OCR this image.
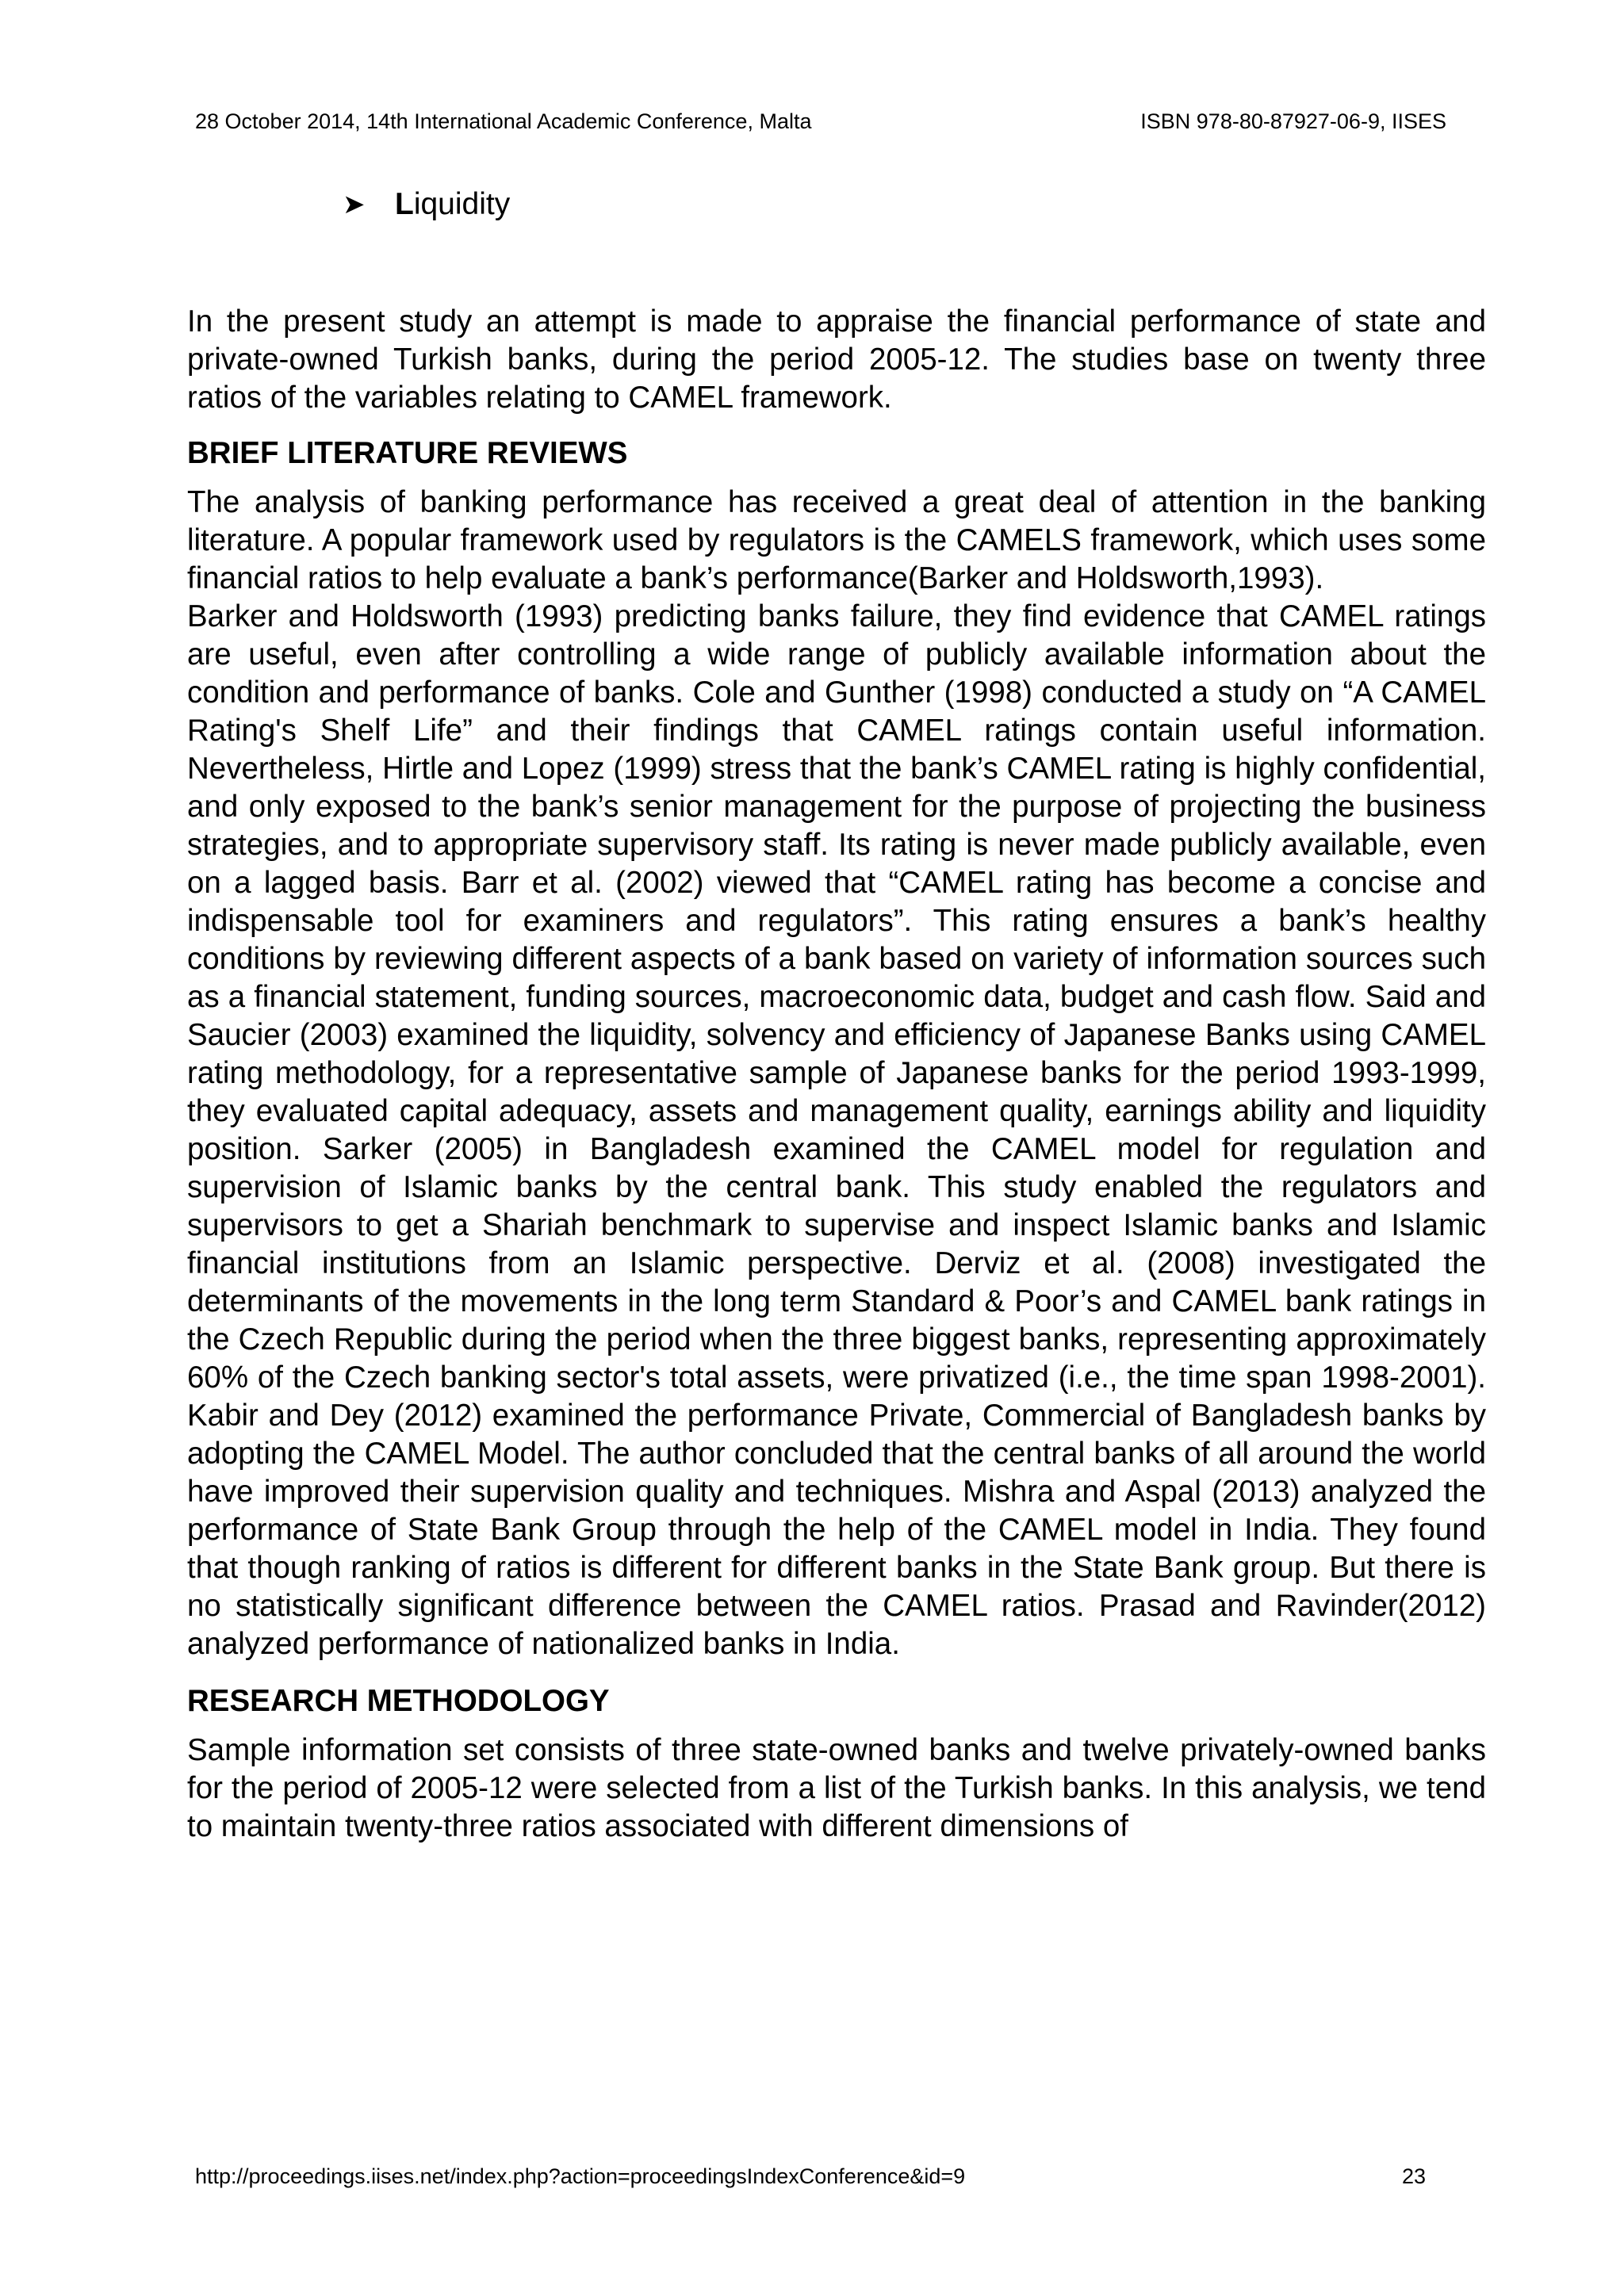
28 October 2014, 14th International Academic Conference, Malta	ISBN 978-80-87927-06-9, IISES
➤ Liquidity

In the present study an attempt is made to appraise the financial performance of state and private-owned Turkish banks, during the period 2005-12. The studies base on twenty three ratios of the variables relating to CAMEL framework.

BRIEF LITERATURE REVIEWS

The analysis of banking performance has received a great deal of attention in the banking literature. A popular framework used by regulators is the CAMELS framework, which uses some financial ratios to help evaluate a bank’s performance(Barker and Holdsworth,1993).

Barker and Holdsworth (1993) predicting banks failure, they find evidence that CAMEL ratings are useful, even after controlling a wide range of publicly available information about the condition and performance of banks. Cole and Gunther (1998) conducted a study on “A CAMEL Rating's Shelf Life” and their findings that CAMEL ratings contain useful information. Nevertheless, Hirtle and Lopez (1999) stress that the bank’s CAMEL rating is highly confidential, and only exposed to the bank’s senior management for the purpose of projecting the business strategies, and to appropriate supervisory staff. Its rating is never made publicly available, even on a lagged basis. Barr et al. (2002) viewed that “CAMEL rating has become a concise and indispensable tool for examiners and regulators”. This rating ensures a bank’s healthy conditions by reviewing different aspects of a bank based on variety of information sources such as a financial statement, funding sources, macroeconomic data, budget and cash flow. Said and Saucier (2003) examined the liquidity, solvency and efficiency of Japanese Banks using CAMEL rating methodology, for a representative sample of Japanese banks for the period 1993-1999, they evaluated capital adequacy, assets and management quality, earnings ability and liquidity position. Sarker (2005) in Bangladesh examined the CAMEL model for regulation and supervision of Islamic banks by the central bank. This study enabled the regulators and supervisors to get a Shariah benchmark to supervise and inspect Islamic banks and Islamic financial institutions from an Islamic perspective. Derviz et al. (2008) investigated the determinants of the movements in the long term Standard & Poor’s and CAMEL bank ratings in the Czech Republic during the period when the three biggest banks, representing approximately 60% of the Czech banking sector's total assets, were privatized (i.e., the time span 1998-2001). Kabir and Dey (2012) examined the performance Private, Commercial of Bangladesh banks by adopting the CAMEL Model. The author concluded that the central banks of all around the world have improved their supervision quality and techniques. Mishra and Aspal (2013) analyzed the performance of State Bank Group through the help of the CAMEL model in India. They found that though ranking of ratios is different for different banks in the State Bank group. But there is no statistically significant difference between the CAMEL ratios. Prasad and Ravinder(2012) analyzed performance of nationalized banks in India.

RESEARCH METHODOLOGY

Sample information set consists of three state-owned banks and twelve privately-owned banks for the period of 2005-12 were selected from a list of the Turkish banks. In this analysis, we tend to maintain twenty-three ratios associated with different dimensions of

http://proceedings.iises.net/index.php?action=proceedingsIndexConference&id=9	23
